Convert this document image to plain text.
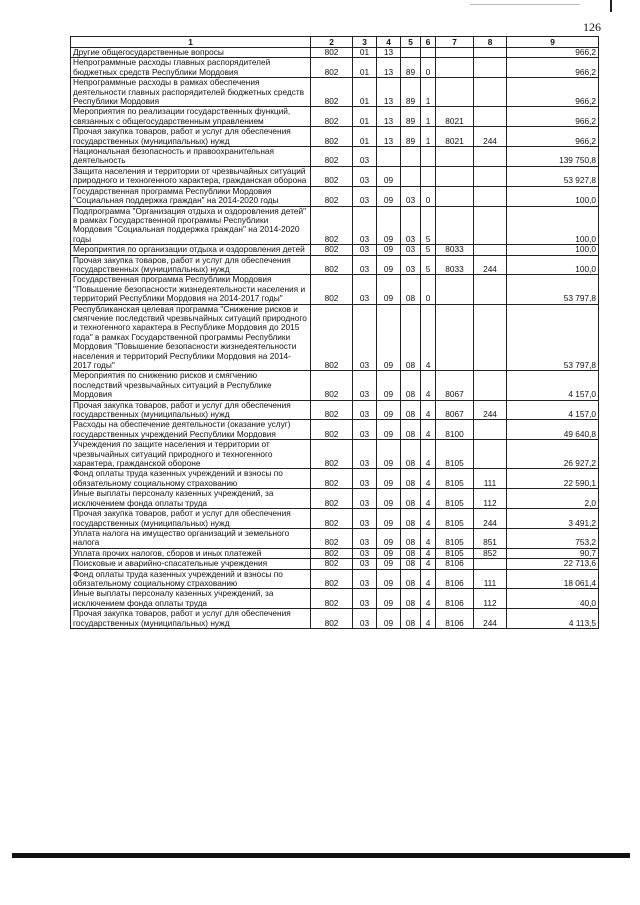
126
1	2	3	4	5	6	7	8	9
Другие общегосударственные вопросы	802	01	13					966,2
Непрограммные расходы главных распорядителей бюджетных средств Республики Мордовия	802	01	13	89	0			966,2
Непрограммные расходы в рамках обеспечения деятельности главных распорядителей бюджетных средств Республики Мордовия	802	01	13	89	1			966,2
Мероприятия по реализации государственных функций, связанных с общегосударственным управлением	802	01	13	89	1	8021		966,2
Прочая закупка товаров, работ и услуг для обеспечения государственных (муниципальных) нужд	802	01	13	89	1	8021	244	966,2
Национальная безопасность и правоохранительная деятельность	802	03						139 750,8
Защита населения и территории от чрезвычайных ситуаций природного и техногенного характера, гражданская оборона	802	03	09					53 927,8
Государственная программа Республики Мордовия "Социальная поддержка граждан" на 2014-2020 годы	802	03	09	03	0			100,0
Подпрограмма "Организация отдыха и оздоровления детей" в рамках Государственной программы Республики Мордовия "Социальная поддержка граждан" на 2014-2020 годы	802	03	09	03	5			100,0
Мероприятия по организации отдыха и оздоровления детей	802	03	09	03	5	8033		100,0
Прочая закупка товаров, работ и услуг для обеспечения государственных (муниципальных) нужд	802	03	09	03	5	8033	244	100,0
Государственная программа Республики Мордовия "Повышение безопасности жизнедеятельности населения и территорий Республики Мордовия на 2014-2017 годы"	802	03	09	08	0			53 797,8
Республиканская целевая программа "Снижение рисков и смягчение последствий чрезвычайных ситуаций природного и техногенного характера в Республике Мордовия до 2015 года" в рамках Государственной программы Республики Мордовия "Повышение безопасности жизнедеятельности населения и территорий Республики Мордовия на 2014-2017 годы"	802	03	09	08	4			53 797,8
Мероприятия по снижению рисков и смягчению последствий чрезвычайных ситуаций в Республике Мордовия	802	03	09	08	4	8067		4 157,0
Прочая закупка товаров, работ и услуг для обеспечения государственных (муниципальных) нужд	802	03	09	08	4	8067	244	4 157,0
Расходы на обеспечение деятельности (оказание услуг) государственных учреждений Республики Мордовия	802	03	09	08	4	8100		49 640,8
Учреждения по защите населения и территории от чрезвычайных ситуаций природного и техногенного характера, гражданской обороне	802	03	09	08	4	8105		26 927,2
Фонд оплаты труда казенных учреждений и взносы по обязательному социальному страхованию	802	03	09	08	4	8105	111	22 590,1
Иные выплаты персоналу казенных учреждений, за исключением фонда оплаты труда	802	03	09	08	4	8105	112	2,0
Прочая закупка товаров, работ и услуг для обеспечения государственных (муниципальных) нужд	802	03	09	08	4	8105	244	3 491,2
Уплата налога на имущество организаций и земельного налога	802	03	09	08	4	8105	851	753,2
Уплата прочих налогов, сборов и иных платежей	802	03	09	08	4	8105	852	90,7
Поисковые и аварийно-спасательные учреждения	802	03	09	08	4	8106		22 713,6
Фонд оплаты труда казенных учреждений и взносы по обязательному социальному страхованию	802	03	09	08	4	8106	111	18 061,4
Иные выплаты персоналу казенных учреждений, за исключением фонда оплаты труда	802	03	09	08	4	8106	112	40,0
Прочая закупка товаров, работ и услуг для обеспечения государственных (муниципальных) нужд	802	03	09	08	4	8106	244	4 113,5
